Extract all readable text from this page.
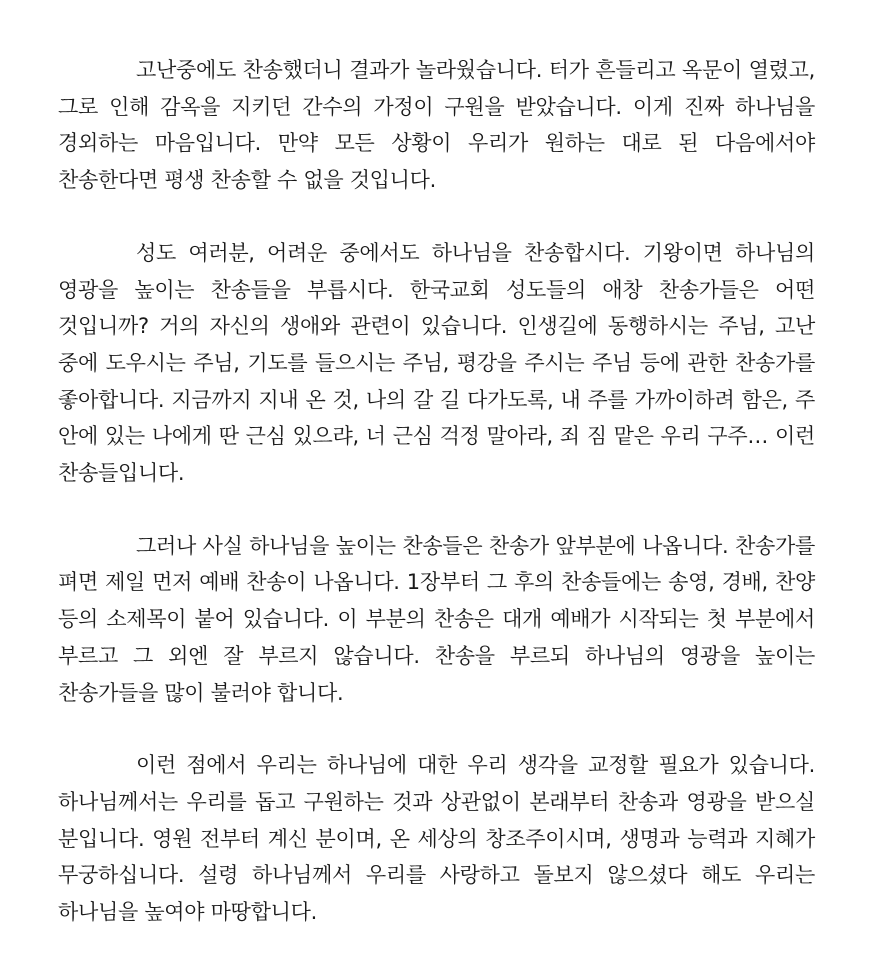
고난중에도 찬송했더니 결과가 놀라웠습니다. 터가 흔들리고 옥문이 열렸고, 그로 인해 감옥을 지키던 간수의 가정이 구원을 받았습니다. 이게 진짜 하나님을 경외하는 마음입니다. 만약 모든 상황이 우리가 원하는 대로 된 다음에서야 찬송한다면 평생 찬송할 수 없을 것입니다.

성도 여러분, 어려운 중에서도 하나님을 찬송합시다. 기왕이면 하나님의 영광을 높이는 찬송들을 부릅시다. 한국교회 성도들의 애창 찬송가들은 어떤 것입니까? 거의 자신의 생애와 관련이 있습니다. 인생길에 동행하시는 주님, 고난 중에 도우시는 주님, 기도를 들으시는 주님, 평강을 주시는 주님 등에 관한 찬송가를 좋아합니다. 지금까지 지내 온 것, 나의 갈 길 다가도록, 내 주를 가까이하려 함은, 주 안에 있는 나에게 딴 근심 있으랴, 너 근심 걱정 말아라, 죄 짐 맡은 우리 구주… 이런 찬송들입니다.

그러나 사실 하나님을 높이는 찬송들은 찬송가 앞부분에 나옵니다. 찬송가를 펴면 제일 먼저 예배 찬송이 나옵니다. 1장부터 그 후의 찬송들에는 송영, 경배, 찬양 등의 소제목이 붙어 있습니다. 이 부분의 찬송은 대개 예배가 시작되는 첫 부분에서 부르고 그 외엔 잘 부르지 않습니다. 찬송을 부르되 하나님의 영광을 높이는 찬송가들을 많이 불러야 합니다.

이런 점에서 우리는 하나님에 대한 우리 생각을 교정할 필요가 있습니다. 하나님께서는 우리를 돕고 구원하는 것과 상관없이 본래부터 찬송과 영광을 받으실 분입니다. 영원 전부터 계신 분이며, 온 세상의 창조주이시며, 생명과 능력과 지혜가 무궁하십니다. 설령 하나님께서 우리를 사랑하고 돌보지 않으셨다 해도 우리는 하나님을 높여야 마땅합니다.
